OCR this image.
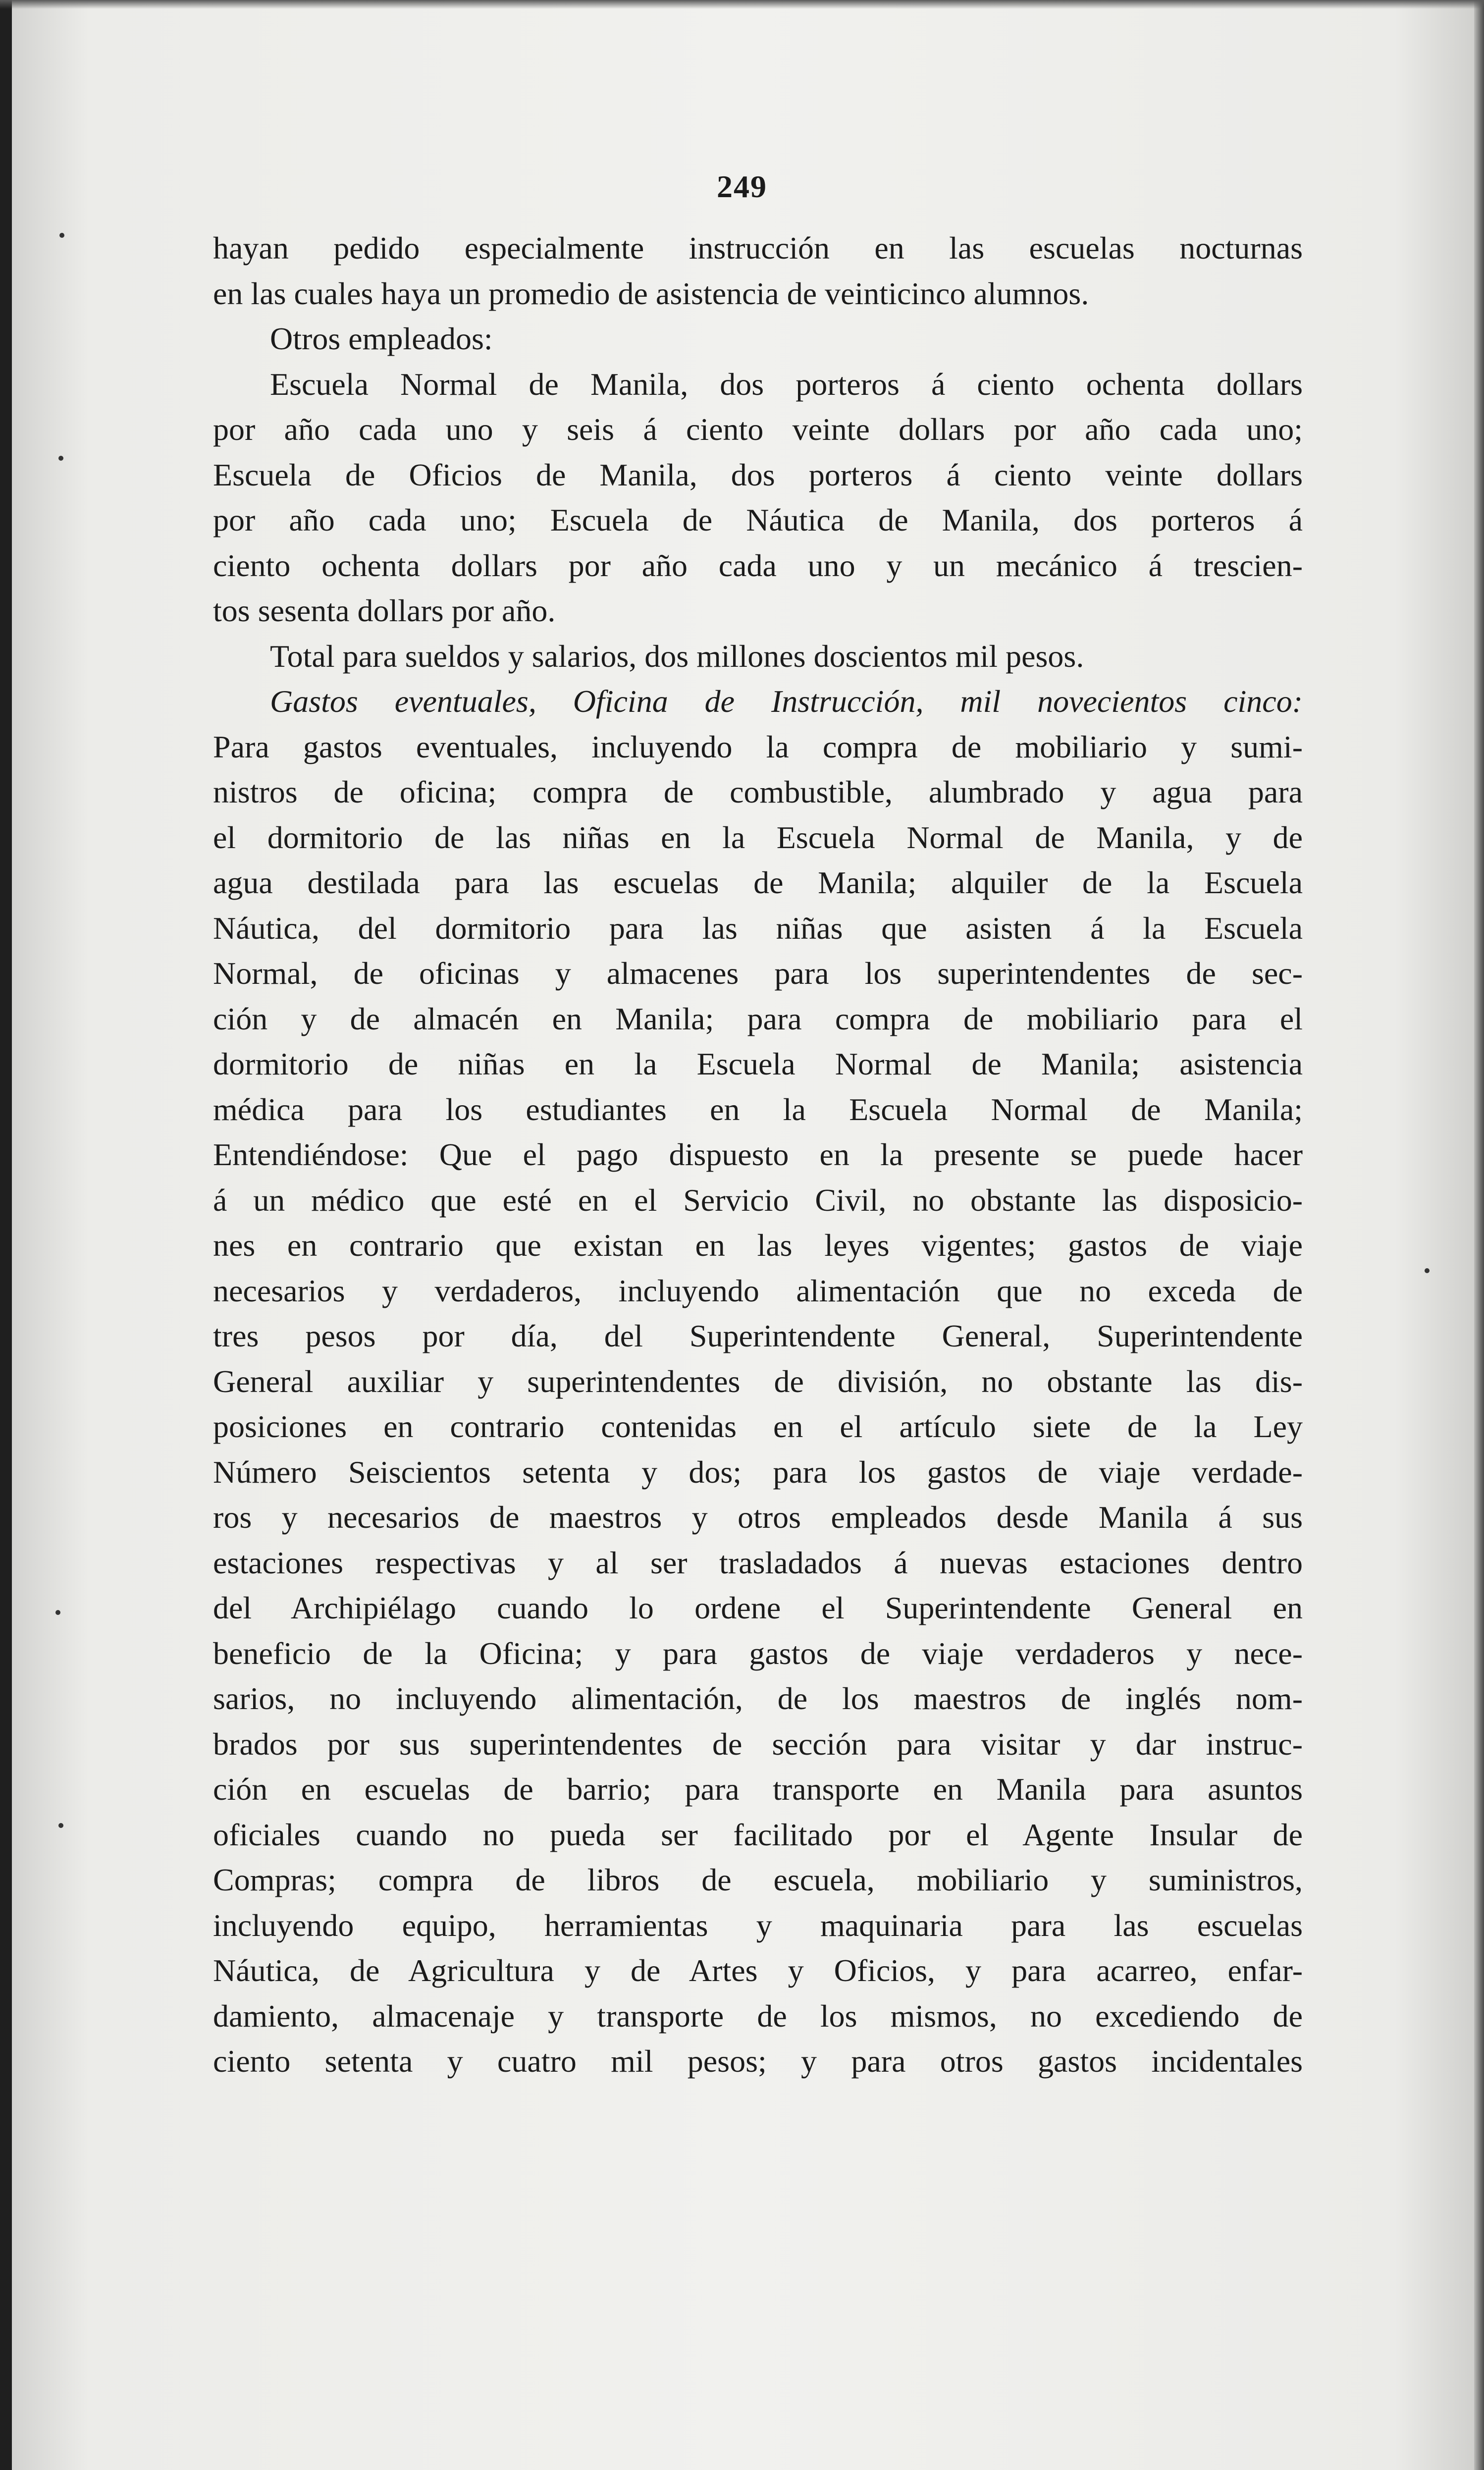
249
hayan pedido especialmente instrucción en las escuelas nocturnas
en las cuales haya un promedio de asistencia de veinticinco alumnos.
Otros empleados:
Escuela Normal de Manila, dos porteros á ciento ochenta dollars
por año cada uno y seis á ciento veinte dollars por año cada uno;
Escuela de Oficios de Manila, dos porteros á ciento veinte dollars
por año cada uno; Escuela de Náutica de Manila, dos porteros á
ciento ochenta dollars por año cada uno y un mecánico á trescien-
tos sesenta dollars por año.
Total para sueldos y salarios, dos millones doscientos mil pesos.
Gastos eventuales, Oficina de Instrucción, mil novecientos cinco:
Para gastos eventuales, incluyendo la compra de mobiliario y sumi-
nistros de oficina; compra de combustible, alumbrado y agua para
el dormitorio de las niñas en la Escuela Normal de Manila, y de
agua destilada para las escuelas de Manila; alquiler de la Escuela
Náutica, del dormitorio para las niñas que asisten á la Escuela
Normal, de oficinas y almacenes para los superintendentes de sec-
ción y de almacén en Manila; para compra de mobiliario para el
dormitorio de niñas en la Escuela Normal de Manila; asistencia
médica para los estudiantes en la Escuela Normal de Manila;
Entendiéndose: Que el pago dispuesto en la presente se puede hacer
á un médico que esté en el Servicio Civil, no obstante las disposicio-
nes en contrario que existan en las leyes vigentes; gastos de viaje
necesarios y verdaderos, incluyendo alimentación que no exceda de
tres pesos por día, del Superintendente General, Superintendente
General auxiliar y superintendentes de división, no obstante las dis-
posiciones en contrario contenidas en el artículo siete de la Ley
Número Seiscientos setenta y dos; para los gastos de viaje verdade-
ros y necesarios de maestros y otros empleados desde Manila á sus
estaciones respectivas y al ser trasladados á nuevas estaciones dentro
del Archipiélago cuando lo ordene el Superintendente General en
beneficio de la Oficina; y para gastos de viaje verdaderos y nece-
sarios, no incluyendo alimentación, de los maestros de inglés nom-
brados por sus superintendentes de sección para visitar y dar instruc-
ción en escuelas de barrio; para transporte en Manila para asuntos
oficiales cuando no pueda ser facilitado por el Agente Insular de
Compras; compra de libros de escuela, mobiliario y suministros,
incluyendo equipo, herramientas y maquinaria para las escuelas
Náutica, de Agricultura y de Artes y Oficios, y para acarreo, enfar-
damiento, almacenaje y transporte de los mismos, no excediendo de
ciento setenta y cuatro mil pesos; y para otros gastos incidentales
